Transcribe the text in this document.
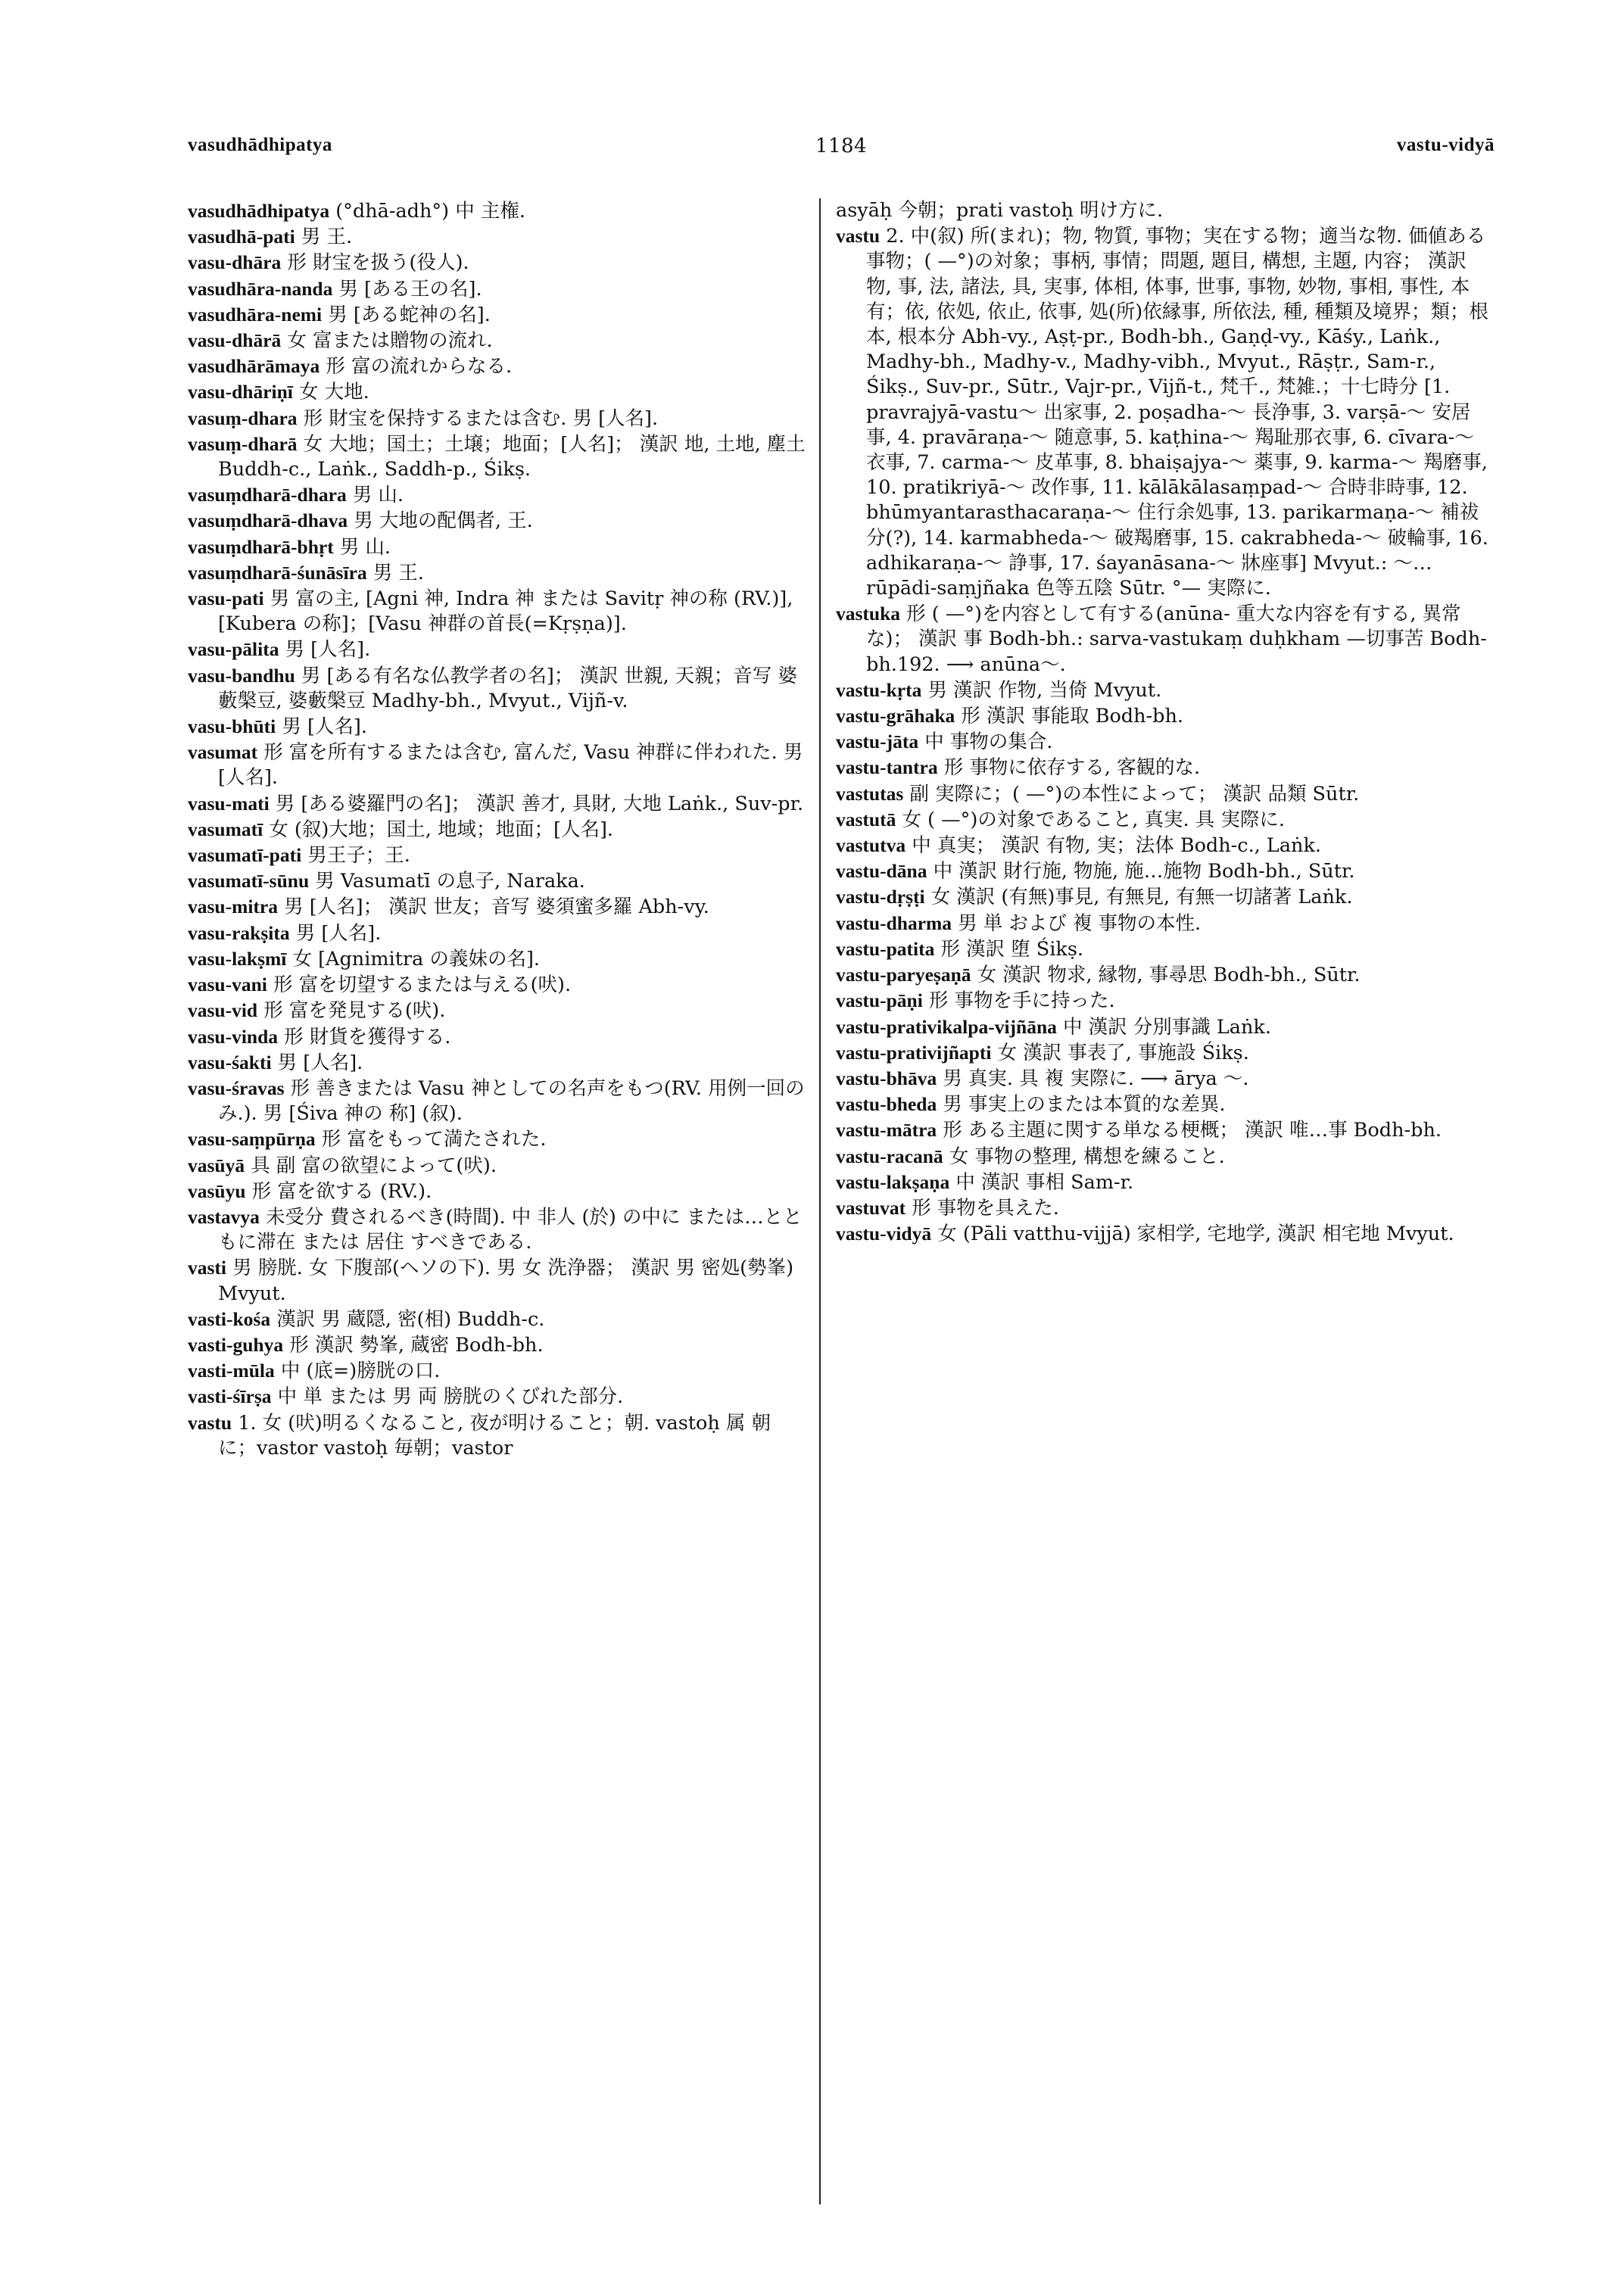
vasudhādhipatya	1184	vastu-vidyā

vasudhādhipatya (°dhā-adh°) 中 主権.

vasudhā-pati 男 王.

vasu-dhāra 形 財宝を扱う(役人).

vasudhāra-nanda 男 [ある王の名].

vasudhāra-nemi 男 [ある蛇神の名].

vasu-dhārā 女 富または贈物の流れ.

vasudhārāmaya 形 富の流れからなる.

vasu-dhāriṇī 女 大地.

vasuṃ-dhara 形 財宝を保持するまたは含む. 男 [人名].

vasuṃ-dharā 女 大地；国土；土壌；地面；[人名]； 漢訳 地, 土地, 塵土 Buddh-c., Laṅk., Saddh-p., Śikṣ.

vasuṃdharā-dhara 男 山.

vasuṃdharā-dhava 男 大地の配偶者, 王.

vasuṃdharā-bhṛt 男 山.

vasuṃdharā-śunāsīra 男 王.

vasu-pati 男 富の主, [Agni 神, Indra 神 または Savitṛ 神の称 (RV.)], [Kubera の称]；[Vasu 神群の首長(=Kṛṣṇa)].

vasu-pālita 男 [人名].

vasu-bandhu 男 [ある有名な仏教学者の名]； 漢訳 世親, 天親；音写 婆藪槃豆, 婆藪槃豆 Madhy-bh., Mvyut., Vijñ-v.

vasu-bhūti 男 [人名].

vasumat 形 富を所有するまたは含む, 富んだ, Vasu 神群に伴われた. 男 [人名].

vasu-mati 男 [ある婆羅門の名]； 漢訳 善才, 具財, 大地 Laṅk., Suv-pr.

vasumatī 女 (叙)大地；国土, 地域；地面；[人名].

vasumatī-pati 男王子；王.

vasumatī-sūnu 男 Vasumatī の息子, Naraka.

vasu-mitra 男 [人名]； 漢訳 世友；音写 婆須蜜多羅 Abh-vy.

vasu-rakṣita 男 [人名].

vasu-lakṣmī 女 [Agnimitra の義妹の名].

vasu-vani 形 富を切望するまたは与える(吠).

vasu-vid 形 富を発見する(吠).

vasu-vinda 形 財貨を獲得する.

vasu-śakti 男 [人名].

vasu-śravas 形 善きまたは Vasu 神としての名声をもつ(RV. 用例一回のみ.). 男 [Śiva 神の 称] (叙).

vasu-saṃpūrṇa 形 富をもって満たされた.

vasūyā 具 副 富の欲望によって(吠).

vasūyu 形 富を欲する (RV.).

vastavya 未受分 費されるべき(時間). 中 非人 (於) の中に または…とともに滞在 または 居住 すべきである.

vasti 男 膀胱. 女 下腹部(ヘソの下). 男 女 洗浄器； 漢訳 男 密処(勢峯) Mvyut.

vasti-kośa 漢訳 男 蔵隠, 密(相) Buddh-c.

vasti-guhya 形 漢訳 勢峯, 蔵密 Bodh-bh.

vasti-mūla 中 (底=)膀胱の口.

vasti-śīrṣa 中 単 または 男 両 膀胱のくびれた部分.

vastu 1. 女 (吠)明るくなること, 夜が明けること；朝. vastoḥ 属 朝に；vastor vastoḥ 毎朝；vastor

asyāḥ 今朝；prati vastoḥ 明け方に.

vastu 2. 中(叙) 所(まれ)；物, 物質, 事物；実在する物；適当な物. 価値ある事物；( —°)の対象；事柄, 事情；問題, 題目, 構想, 主題, 内容； 漢訳 物, 事, 法, 諸法, 具, 実事, 体相, 体事, 世事, 事物, 妙物, 事相, 事性, 本有；依, 依処, 依止, 依事, 処(所)依縁事, 所依法, 種, 種類及境界；類；根本, 根本分 Abh-vy., Aṣṭ-pr., Bodh-bh., Gaṇḍ-vy., Kāśy., Laṅk., Madhy-bh., Madhy-v., Madhy-vibh., Mvyut., Rāṣṭr., Sam-r., Śikṣ., Suv-pr., Sūtr., Vajr-pr., Vijñ-t., 梵千., 梵雑.；十七時分 [1. pravrajyā-vastu～ 出家事, 2. poṣadha-～ 長浄事, 3. varṣā-～ 安居事, 4. pravāraṇa-～ 随意事, 5. kaṭhina-～ 羯耻那衣事, 6. cīvara-～ 衣事, 7. carma-～ 皮革事, 8. bhaiṣajya-～ 薬事, 9. karma-～ 羯磨事, 10. pratikriyā-～ 改作事, 11. kālākālasaṃpad-～ 合時非時事, 12. bhūmyantarasthacaraṇa-～ 住行余処事, 13. parikarmaṇa-～ 補祓分(?), 14. karmabheda-～ 破羯磨事, 15. cakrabheda-～ 破輪事, 16. adhikaraṇa-～ 諍事, 17. śayanāsana-～ 牀座事] Mvyut.: ～…rūpādi-saṃjñaka 色等五陰 Sūtr. °— 実際に.

vastuka 形 ( —°)を内容として有する(anūna- 重大な内容を有する, 異常な)； 漢訳 事 Bodh-bh.: sarva-vastukaṃ duḥkham —切事苦 Bodh-bh.192. ⟶ anūna～.

vastu-kṛta 男 漢訳 作物, 当倚 Mvyut.

vastu-grāhaka 形 漢訳 事能取 Bodh-bh.

vastu-jāta 中 事物の集合.

vastu-tantra 形 事物に依存する, 客観的な.

vastutas 副 実際に；( —°)の本性によって； 漢訳 品類 Sūtr.

vastutā 女 ( —°)の対象であること, 真実. 具 実際に.

vastutva 中 真実； 漢訳 有物, 実；法体 Bodh-c., Laṅk.

vastu-dāna 中 漢訳 財行施, 物施, 施…施物 Bodh-bh., Sūtr.

vastu-dṛṣṭi 女 漢訳 (有無)事見, 有無見, 有無一切諸著 Laṅk.

vastu-dharma 男 単 および 複 事物の本性.

vastu-patita 形 漢訳 堕 Śikṣ.

vastu-paryeṣaṇā 女 漢訳 物求, 縁物, 事尋思 Bodh-bh., Sūtr.

vastu-pāṇi 形 事物を手に持った.

vastu-prativikalpa-vijñāna 中 漢訳 分別事識 Laṅk.

vastu-prativijñapti 女 漢訳 事表了, 事施設 Śikṣ.

vastu-bhāva 男 真実. 具 複 実際に. ⟶ ārya ～.

vastu-bheda 男 事実上のまたは本質的な差異.

vastu-mātra 形 ある主題に関する単なる梗概； 漢訳 唯…事 Bodh-bh.

vastu-racanā 女 事物の整理, 構想を練ること.

vastu-lakṣaṇa 中 漢訳 事相 Sam-r.

vastuvat 形 事物を具えた.

vastu-vidyā 女 (Pāli vatthu-vijjā) 家相学, 宅地学, 漢訳 相宅地 Mvyut.
